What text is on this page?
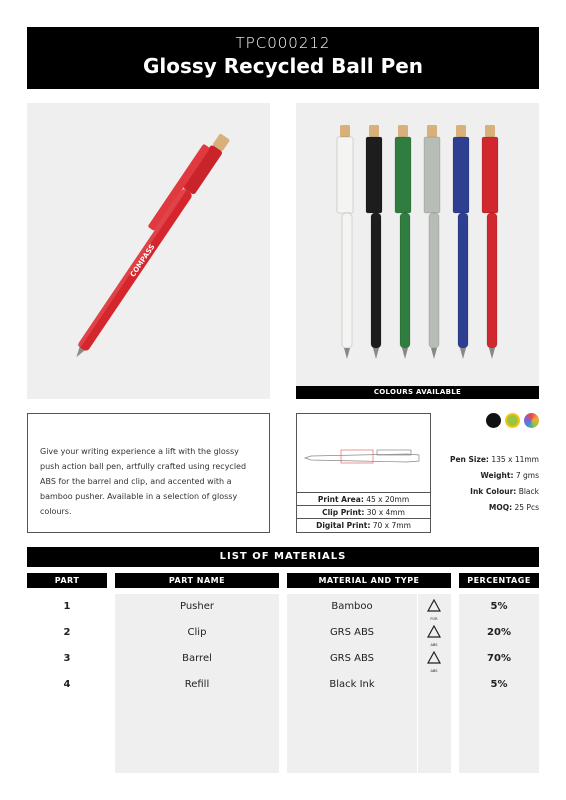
TPC000212
Glossy Recycled Ball Pen
COMPASS
COLOURS AVAILABLE
Give your writing experience a lift with the glossy push action ball pen, artfully crafted using recycled ABS for the barrel and clip, and accented with a bamboo pusher. Available in a selection of glossy colours.
Print Area: 45 x 20mm
Clip Print: 30 x 4mm
Digital Print: 70 x 7mm
Pen Size: 135 x 11mm
Weight: 7 gms
Ink Colour: Black
MOQ: 25 Pcs
LIST OF MATERIALS
PART	PART NAME	MATERIAL AND TYPE	PERCENTAGE
1	Pusher	Bamboo	5%
2	Clip	GRS ABS	20%
3	Barrel	GRS ABS	70%
4	Refill	Black Ink	5%
FOR
ABS
ABS
